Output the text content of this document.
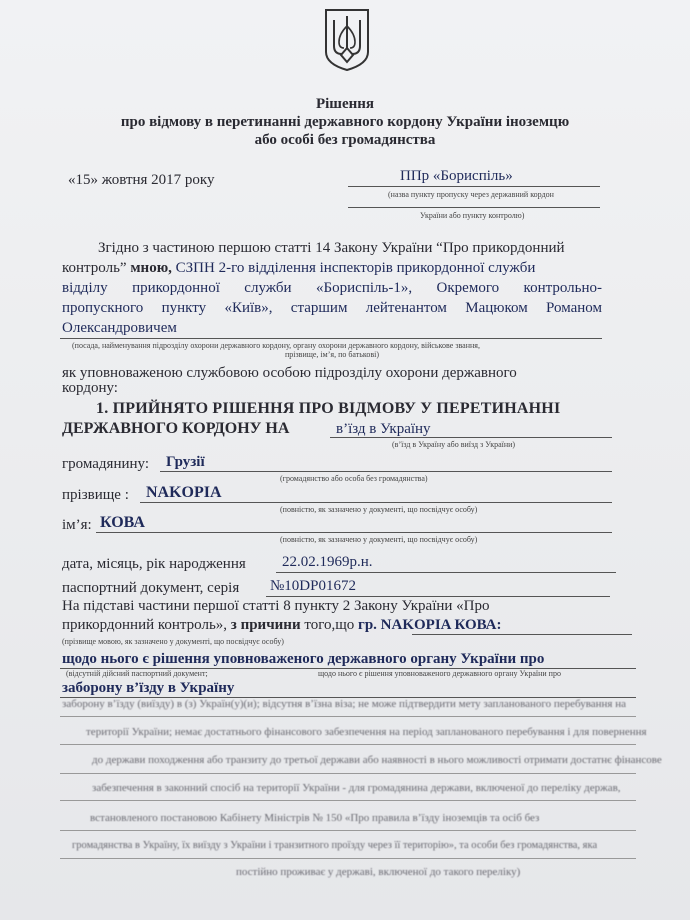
Рішення
про відмову в перетинанні державного кордону України іноземцю
або особі без громадянства
«15» жовтня 2017 року	ППр «Бориспіль»
(назва пункту пропуску через державний кордон
України або пункту контролю)
Згідно з частиною першою статті 14 Закону України “Про прикордонний
контроль” мною, СЗПН 2-го відділення інспекторів прикордонної служби
відділу прикордонної служби «Бориспіль-1», Окремого контрольно-
пропускного пункту «Київ», старшим лейтенантом Мацюком Романом
Олександровичем
(посада, найменування підрозділу охорони державного кордону, органу охорони державного кордону, військове звання,
прізвище, ім’я, по батькові)
як уповноваженою службовою особою підрозділу охорони державного
кордону:
1. ПРИЙНЯТО РІШЕННЯ ПРО ВІДМОВУ У ПЕРЕТИНАННІ
ДЕРЖАВНОГО КОРДОНУ НА	в’їзд в Україну
(в’їзд в Україну або виїзд з України)
громадянину: Грузії
(громадянство або особа без громадянства)
прізвище : NAKOPIA
(повністю, як зазначено у документі, що посвідчує особу)
ім’я: КОВА
(повністю, як зазначено у документі, що посвідчує особу)
дата, місяць, рік народження 22.02.1969р.н.
паспортний документ, серія №10DP01672
На підставі частини першої статті 8 пункту 2 Закону України «Про
прикордонний контроль», з причини того,що гр. NAKOPIA КОВА:
(прізвище мовою, як зазначено у документі, що посвідчує особу)
щодо нього є рішення уповноваженого державного органу України про
(відсутній дійсний паспортний документ;	щодо нього є рішення уповноваженого державного органу України про
заборону в’їзду в Україну
заборону в’їзду (виїзду) в (з) Україн(у)(и); відсутня в’їзна віза; не може підтвердити мету запланованого перебування на
території України; немає достатнього фінансового забезпечення на період запланованого перебування і для повернення
до держави походження або транзиту до третьої держави або наявності в нього можливості отримати достатнє фінансове
забезпечення в законний спосіб на території України - для громадянина держави, включеної до переліку держав,
встановленого постановою Кабінету Міністрів № 150 «Про правила в’їзду іноземців та осіб без
громадянства в Україну, їх виїзду з України і транзитного проїзду через її територію», та особи без громадянства, яка
постійно проживає у державі, включеної до такого переліку)
